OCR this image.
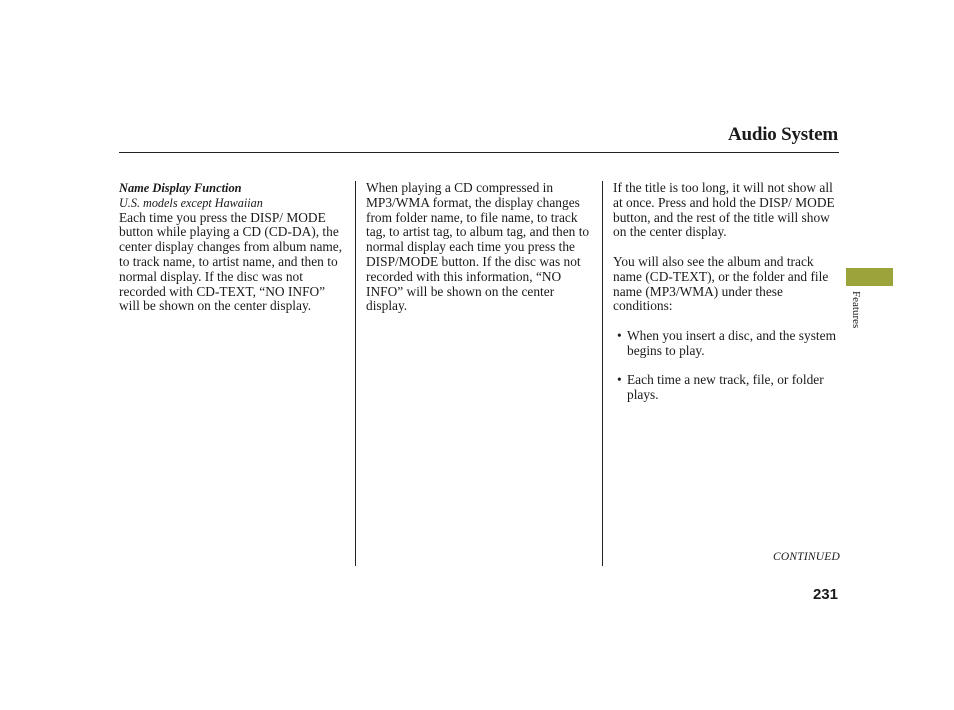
Audio System

Name Display Function

U.S. models except Hawaiian

Each time you press the DISP/ MODE button while playing a CD (CD-DA), the center display changes from album name, to track name, to artist name, and then to normal display. If the disc was not recorded with CD-TEXT, “NO INFO” will be shown on the center display.

When playing a CD compressed in MP3/WMA format, the display changes from folder name, to file name, to track tag, to artist tag, to album tag, and then to normal display each time you press the DISP/MODE button. If the disc was not recorded with this information, “NO INFO” will be shown on the center display.

If the title is too long, it will not show all at once. Press and hold the DISP/ MODE button, and the rest of the title will show on the center display.

You will also see the album and track name (CD-TEXT), or the folder and file name (MP3/WMA) under these conditions:

• When you insert a disc, and the system begins to play.

• Each time a new track, file, or folder plays.

Features
CONTINUED
231
